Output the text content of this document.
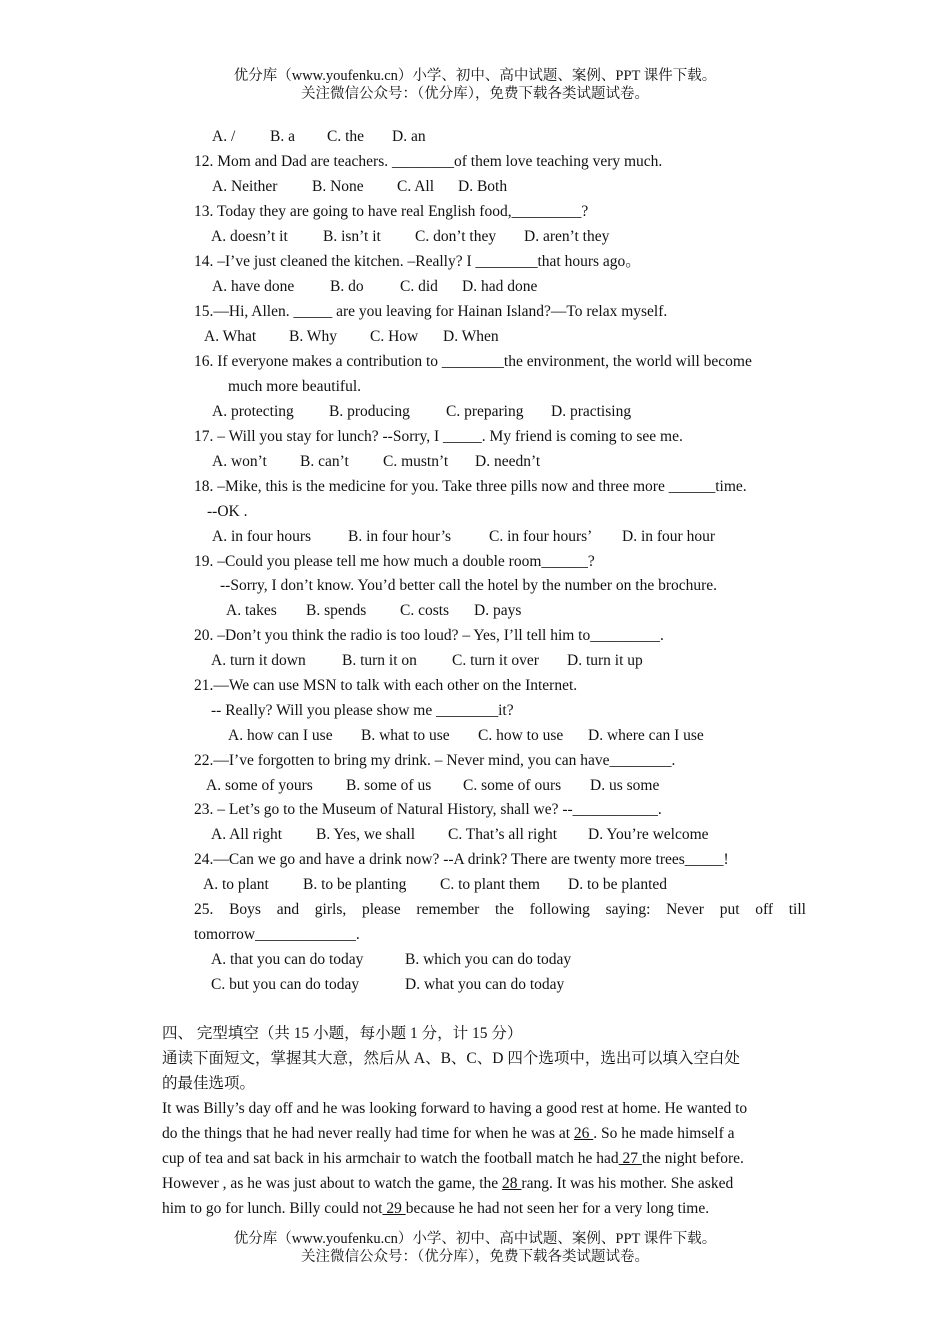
优分库（www.youfenku.cn）小学、初中、高中试题、案例、PPT 课件下载。
关注微信公众号：（优分库），免费下载各类试题试卷。
A. / B. a C. the D. an
12. Mom and Dad are teachers. ________of them love teaching very much.
A. Neither B. None C. All D. Both
13. Today they are going to have real English food,_________?
A. doesn’t it B. isn’t it C. don’t they D. aren’t they
14. –I’ve just cleaned the kitchen. –Really? I ________that hours ago。
A. have done B. do C. did D. had done
15.—Hi, Allen. _____ are you leaving for Hainan Island?—To relax myself.
A. What B. Why C. How D. When
16. If everyone makes a contribution to ________the environment, the world will become
much more beautiful.
A. protecting B. producing C. preparing D. practising
17. – Will you stay for lunch? --Sorry, I _____. My friend is coming to see me.
A. won’t B. can’t C. mustn’t D. needn’t
18. –Mike, this is the medicine for you. Take three pills now and three more ______time.
--OK .
A. in four hours B. in four hour’s C. in four hours’ D. in four hour
19. –Could you please tell me how much a double room______?
--Sorry, I don’t know. You’d better call the hotel by the number on the brochure.
A. takes B. spends C. costs D. pays
20. –Don’t you think the radio is too loud? – Yes, I’ll tell him to_________.
A. turn it down B. turn it on C. turn it over D. turn it up
21.—We can use MSN to talk with each other on the Internet.
-- Really? Will you please show me ________it?
A. how can I use B. what to use C. how to use D. where can I use
22.—I’ve forgotten to bring my drink. – Never mind, you can have________.
A. some of yours B. some of us C. some of ours D. us some
23. – Let’s go to the Museum of Natural History, shall we? --___________.
A. All right B. Yes, we shall C. That’s all right D. You’re welcome
24.—Can we go and have a drink now? --A drink? There are twenty more trees_____!
A. to plant B. to be planting C. to plant them D. to be planted
25. Boys and girls, please remember the following saying: Never put off till
tomorrow_____________.
A. that you can do today	B. which you can do today
C. but you can do today	D. what you can do today
四、 完型填空（共 15 小题，每小题 1 分，计 15 分）
通读下面短文，掌握其大意，然后从 A、B、C、D 四个选项中，选出可以填入空白处
的最佳选项。
It was Billy’s day off and he was looking forward to having a good rest at home. He wanted to
do the things that he had never really had time for when he was at 26 . So he made himself a
cup of tea and sat back in his armchair to watch the football match he had 27 the night before.
However , as he was just about to watch the game, the 28 rang. It was his mother. She asked
him to go for lunch. Billy could not 29 because he had not seen her for a very long time.
优分库（www.youfenku.cn）小学、初中、高中试题、案例、PPT 课件下载。
关注微信公众号：（优分库），免费下载各类试题试卷。
